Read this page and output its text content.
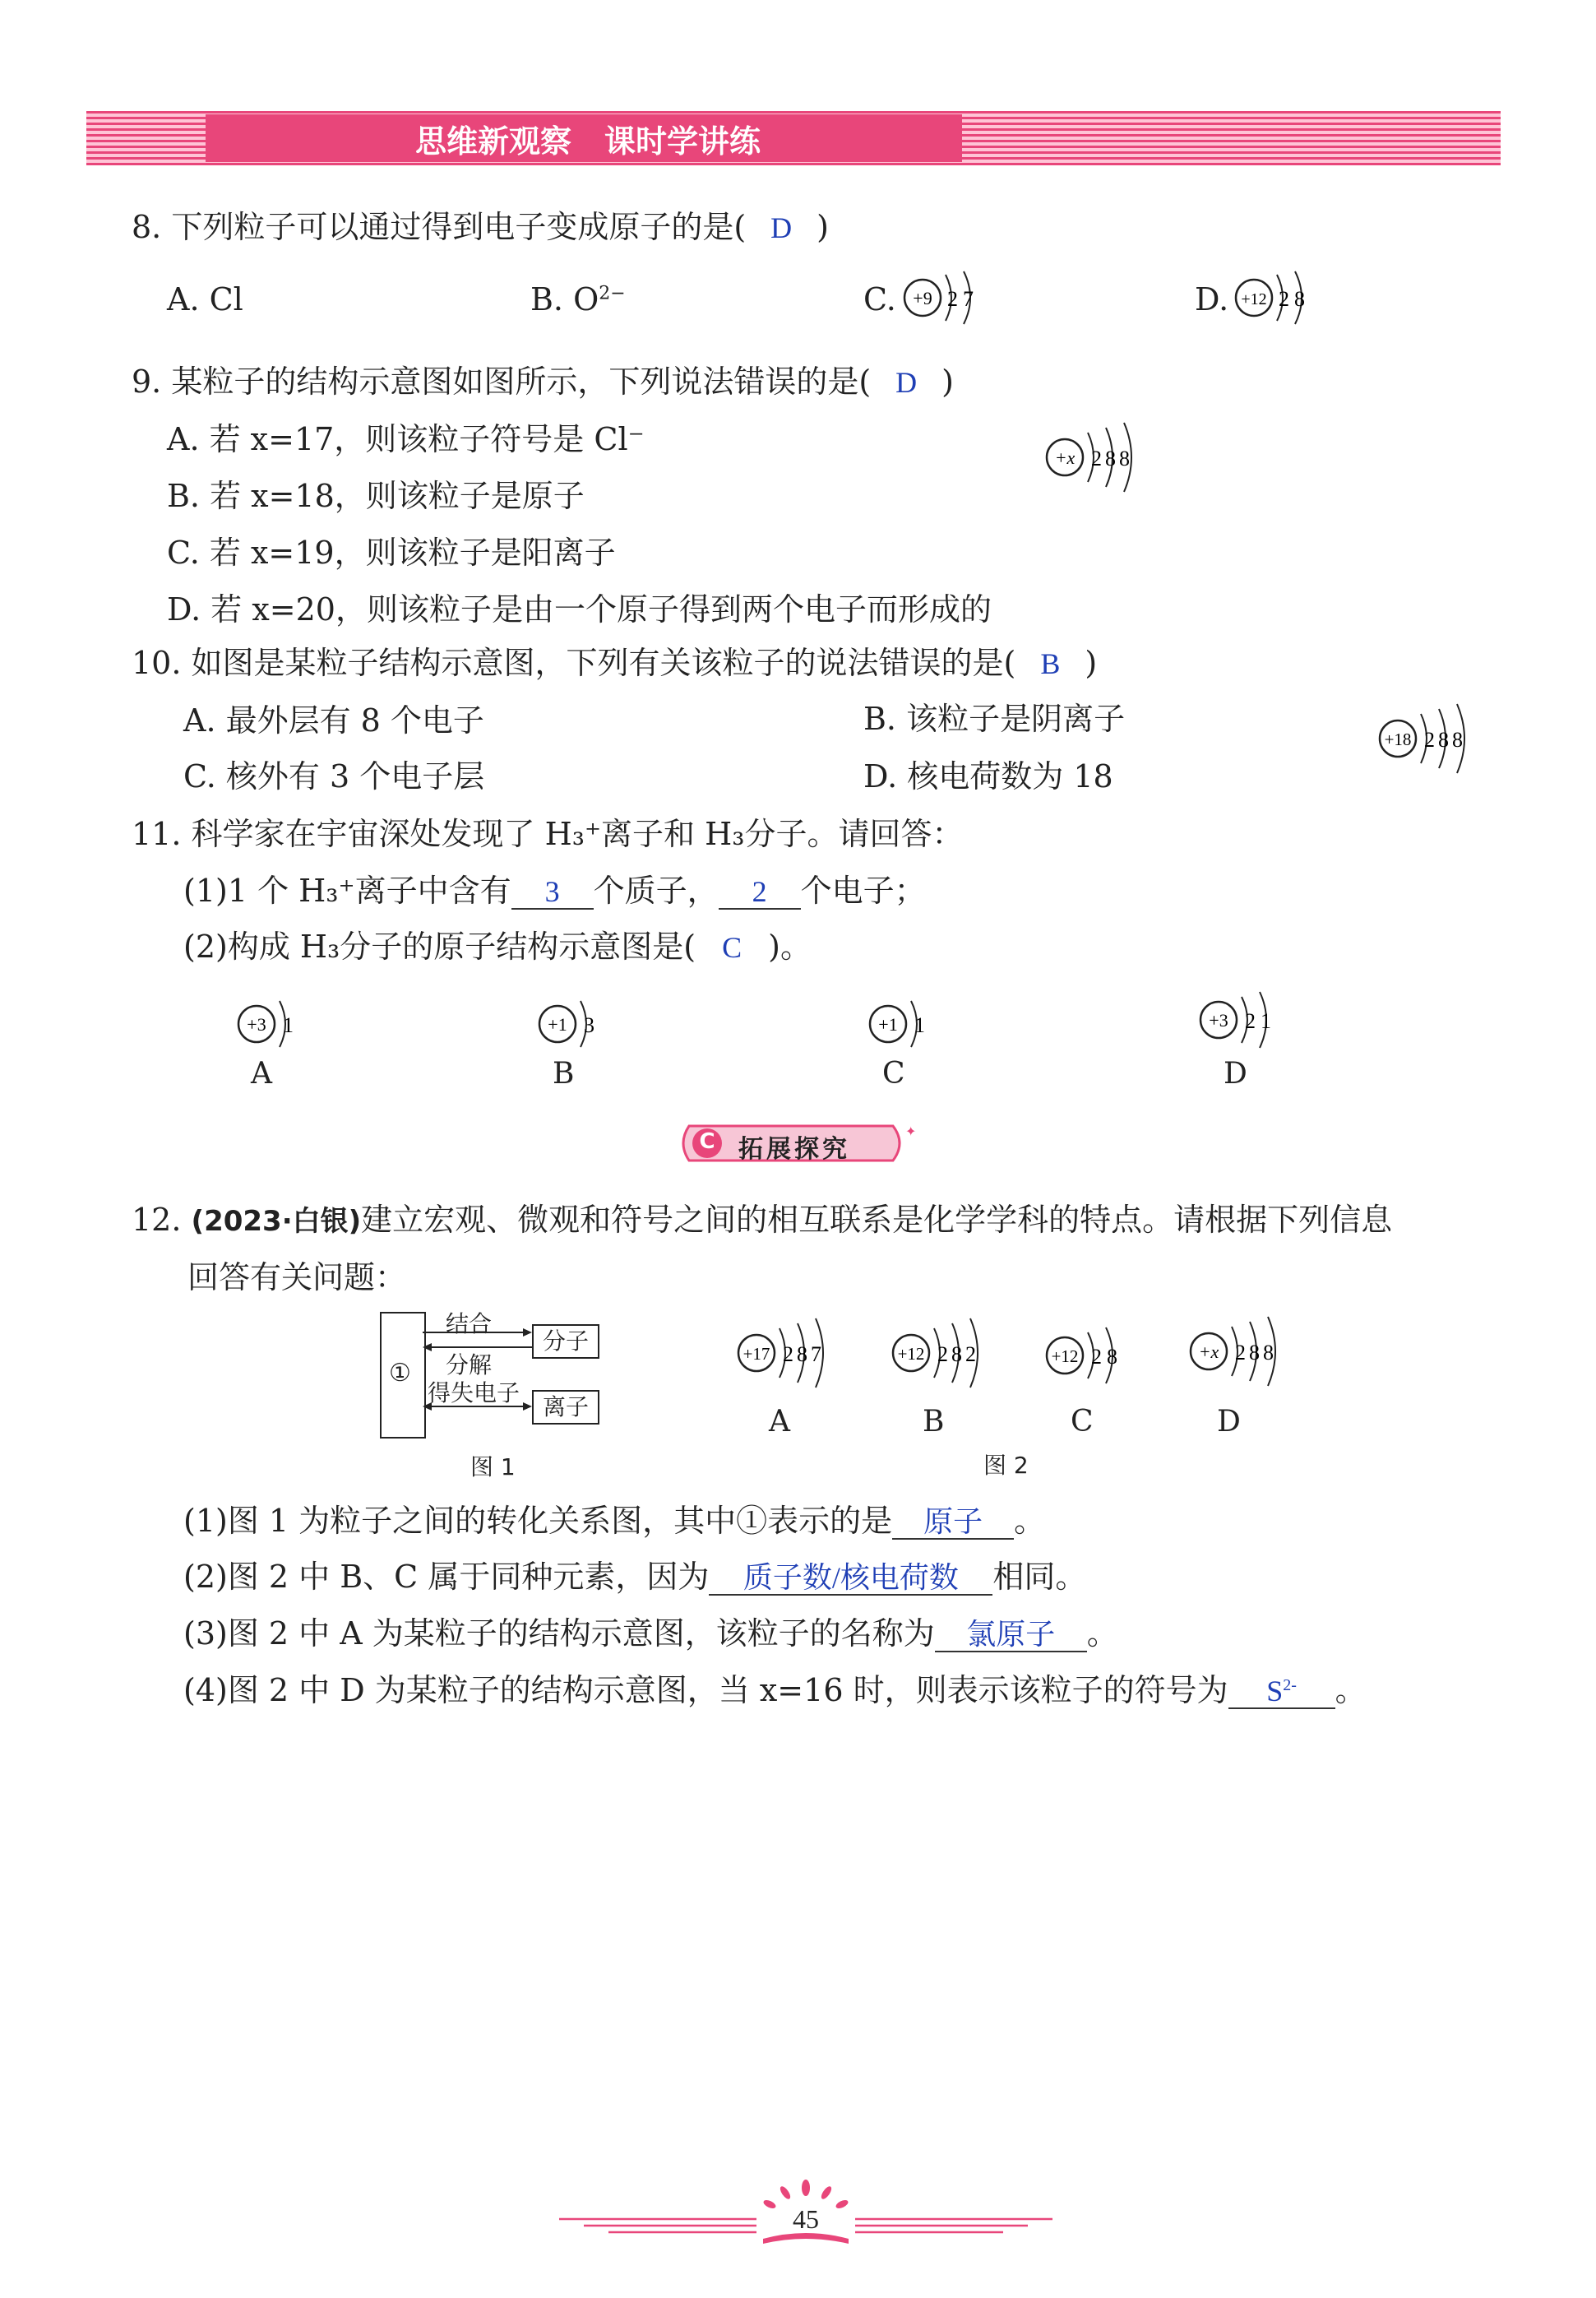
思维新观察 课时学讲练
8. 下列粒子可以通过得到电子变成原子的是( D )
A. Cl	B. $O^{2-}$	C.	D.
+9 27	+12 28
9. 某粒子的结构示意图如图所示，下列说法错误的是( D )
A. 若 x=17，则该粒子符号是 Cl⁻
B. 若 x=18，则该粒子是原子
C. 若 x=19，则该粒子是阳离子
D. 若 x=20，则该粒子是由一个原子得到两个电子而形成的
+x 288
10. 如图是某粒子结构示意图，下列有关该粒子的说法错误的是( B )
A. 最外层有 8 个电子	B. 该粒子是阴离子
C. 核外有 3 个电子层	D. 核电荷数为 18
+18 288
11. 科学家在宇宙深处发现了 H₃⁺离子和 H₃分子。请回答：
(1)1 个 H₃⁺离子中含有 3 个质子， 2 个电子；
(2)构成 H₃分子的原子结构示意图是( C )。
+3 1
A
+1 3
B
+1 1
C
+3 21
D
✦
C 拓展探究
12. (2023·白银)建立宏观、微观和符号之间的相互联系是化学学科的特点。请根据下列信息
回答有关问题：
①
分子
离子
结合
分解
得失电子
图 1
+17 287
A
+12 282
B
+12 28
C
+x 288
D
图 2
(1)图 1 为粒子之间的转化关系图，其中①表示的是 原子 。
(2)图 2 中 B、C 属于同种元素，因为 质子数/核电荷数 相同。
(3)图 2 中 A 为某粒子的结构示意图，该粒子的名称为 氯原子 。
(4)图 2 中 D 为某粒子的结构示意图，当 x=16 时，则表示该粒子的符号为 $S^{2-}$ 。
45
